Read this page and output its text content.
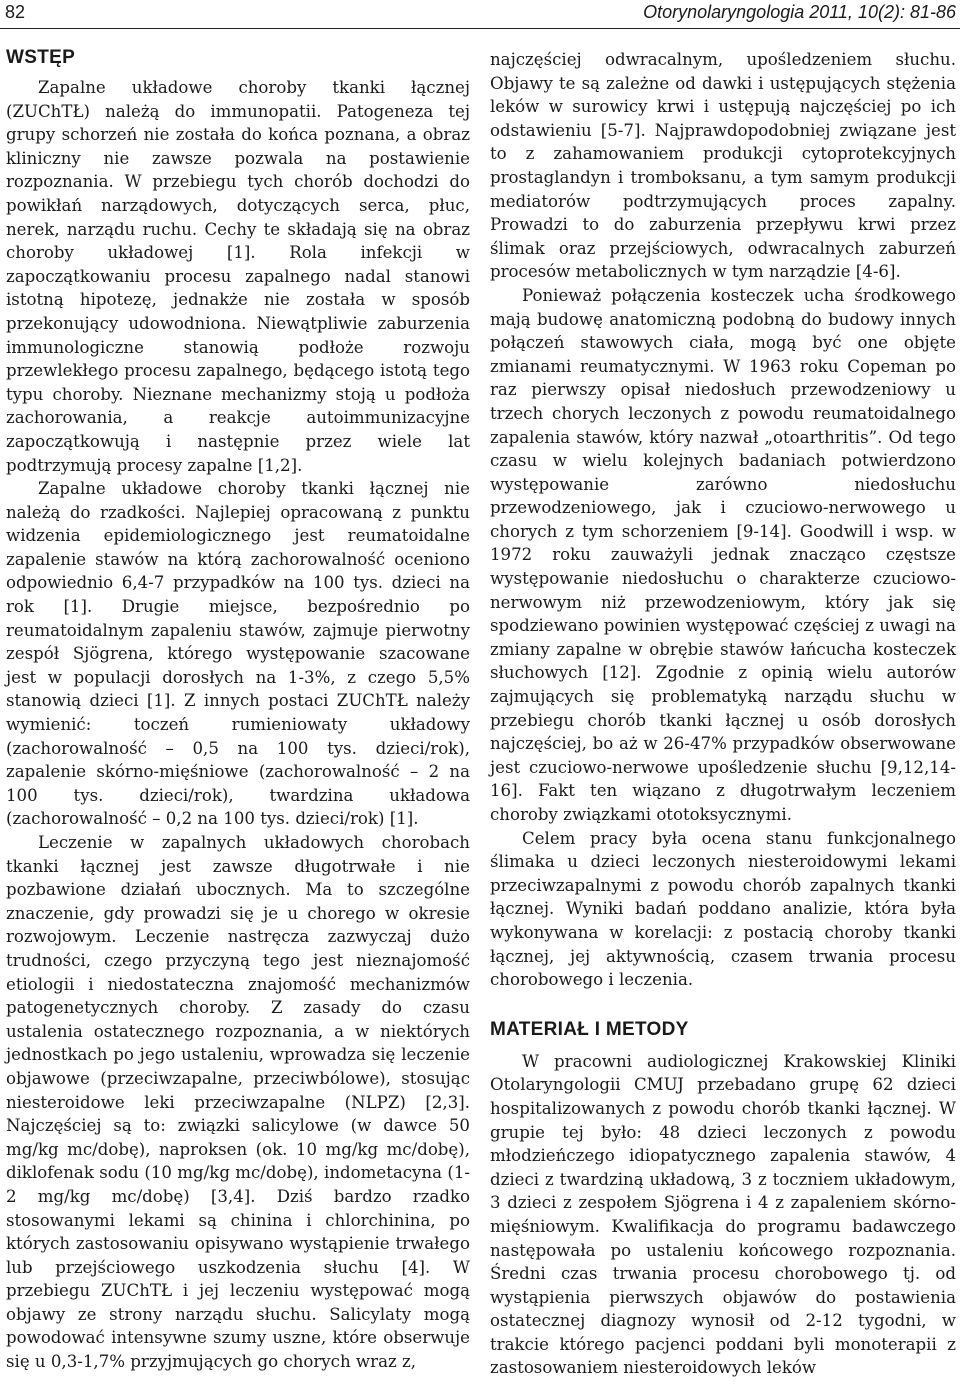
82	Otorynolaryngologia 2011, 10(2): 81-86
WSTĘP

Zapalne układowe choroby tkanki łącznej (ZUChTŁ) należą do immunopatii. Patogeneza tej grupy schorzeń nie została do końca poznana, a obraz kliniczny nie zawsze pozwala na postawienie rozpoznania. W przebiegu tych chorób dochodzi do powikłań narządowych, dotyczących serca, płuc, nerek, narządu ruchu. Cechy te składają się na obraz choroby układowej [1]. Rola infekcji w zapoczątkowaniu procesu zapalnego nadal stanowi istotną hipotezę, jednakże nie została w sposób przekonujący udowodniona. Niewątpliwie zaburzenia immunologiczne stanowią podłoże rozwoju przewlekłego procesu zapalnego, będącego istotą tego typu choroby. Nieznane mechanizmy stoją u podłoża zachorowania, a reakcje autoimmunizacyjne zapoczątkowują i następnie przez wiele lat podtrzymują procesy zapalne [1,2].

Zapalne układowe choroby tkanki łącznej nie należą do rzadkości. Najlepiej opracowaną z punktu widzenia epidemiologicznego jest reumatoidalne zapalenie stawów na którą zachorowalność oceniono odpowiednio 6,4-7 przypadków na 100 tys. dzieci na rok [1]. Drugie miejsce, bezpośrednio po reumatoidalnym zapaleniu stawów, zajmuje pierwotny zespół Sjögrena, którego występowanie szacowane jest w populacji dorosłych na 1-3%, z czego 5,5% stanowią dzieci [1]. Z innych postaci ZUChTŁ należy wymienić: toczeń rumieniowaty układowy (zachorowalność – 0,5 na 100 tys. dzieci/rok), zapalenie skórno-mięśniowe (zachorowalność – 2 na 100 tys. dzieci/rok), twardzina układowa (zachorowalność – 0,2 na 100 tys. dzieci/rok) [1].

Leczenie w zapalnych układowych chorobach tkanki łącznej jest zawsze długotrwałe i nie pozbawione działań ubocznych. Ma to szczególne znaczenie, gdy prowadzi się je u chorego w okresie rozwojowym. Leczenie nastręcza zazwyczaj dużo trudności, czego przyczyną tego jest nieznajomość etiologii i niedostateczna znajomość mechanizmów patogenetycznych choroby. Z zasady do czasu ustalenia ostatecznego rozpoznania, a w niektórych jednostkach po jego ustaleniu, wprowadza się leczenie objawowe (przeciwzapalne, przeciwbólowe), stosując niesteroidowe leki przeciwzapalne (NLPZ) [2,3]. Najczęściej są to: związki salicylowe (w dawce 50 mg/kg mc/dobę), naproksen (ok. 10 mg/kg mc/dobę), diklofenak sodu (10 mg/kg mc/dobę), indometacyna (1-2 mg/kg mc/dobę) [3,4]. Dziś bardzo rzadko stosowanymi lekami są chinina i chlorchinina, po których zastosowaniu opisywano wystąpienie trwałego lub przejściowego uszkodzenia słuchu [4]. W przebiegu ZUChTŁ i jej leczeniu występować mogą objawy ze strony narządu słuchu. Salicylaty mogą powodować intensywne szumy uszne, które obserwuje się u 0,3-1,7% przyjmujących go chorych wraz z,

najczęściej odwracalnym, upośledzeniem słuchu. Objawy te są zależne od dawki i ustępujących stężenia leków w surowicy krwi i ustępują najczęściej po ich odstawieniu [5-7]. Najprawdopodobniej związane jest to z zahamowaniem produkcji cytoprotekcyjnych prostaglandyn i tromboksanu, a tym samym produkcji mediatorów podtrzymujących proces zapalny. Prowadzi to do zaburzenia przepływu krwi przez ślimak oraz przejściowych, odwracalnych zaburzeń procesów metabolicznych w tym narządzie [4-6].

Ponieważ połączenia kosteczek ucha środkowego mają budowę anatomiczną podobną do budowy innych połączeń stawowych ciała, mogą być one objęte zmianami reumatycznymi. W 1963 roku Copeman po raz pierwszy opisał niedosłuch przewodzeniowy u trzech chorych leczonych z powodu reumatoidalnego zapalenia stawów, który nazwał „otoarthritis”. Od tego czasu w wielu kolejnych badaniach potwierdzono występowanie zarówno niedosłuchu przewodzeniowego, jak i czuciowo-nerwowego u chorych z tym schorzeniem [9-14]. Goodwill i wsp. w 1972 roku zauważyli jednak znacząco częstsze występowanie niedosłuchu o charakterze czuciowo-nerwowym niż przewodzeniowym, który jak się spodziewano powinien występować częściej z uwagi na zmiany zapalne w obrębie stawów łańcucha kosteczek słuchowych [12]. Zgodnie z opinią wielu autorów zajmujących się problematyką narządu słuchu w przebiegu chorób tkanki łącznej u osób dorosłych najczęściej, bo aż w 26-47% przypadków obserwowane jest czuciowo-nerwowe upośledzenie słuchu [9,12,14-16]. Fakt ten wiązano z długotrwałym leczeniem choroby związkami ototoksycznymi.

Celem pracy była ocena stanu funkcjonalnego ślimaka u dzieci leczonych niesteroidowymi lekami przeciwzapalnymi z powodu chorób zapalnych tkanki łącznej. Wyniki badań poddano analizie, która była wykonywana w korelacji: z postacią choroby tkanki łącznej, jej aktywnością, czasem trwania procesu chorobowego i leczenia.

MATERIAŁ I METODY

W pracowni audiologicznej Krakowskiej Kliniki Otolaryngologii CMUJ przebadano grupę 62 dzieci hospitalizowanych z powodu chorób tkanki łącznej. W grupie tej było: 48 dzieci leczonych z powodu młodzieńczego idiopatycznego zapalenia stawów, 4 dzieci z twardziną układową, 3 z toczniem układowym, 3 dzieci z zespołem Sjögrena i 4 z zapaleniem skórno-mięśniowym. Kwalifikacja do programu badawczego następowała po ustaleniu końcowego rozpoznania. Średni czas trwania procesu chorobowego tj. od wystąpienia pierwszych objawów do postawienia ostatecznej diagnozy wynosił od 2-12 tygodni, w trakcie którego pacjenci poddani byli monoterapii z zastosowaniem niesteroidowych leków
